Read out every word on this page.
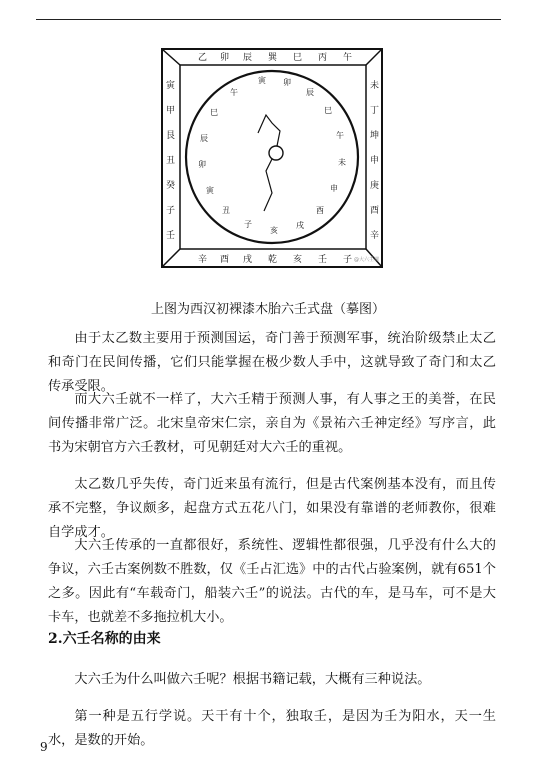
乙 卯 辰 巽 巳 丙 午
辛 酉 戌 乾 亥 壬 子
寅
甲
艮
丑
癸
子
壬
未
丁
坤
申
庚
酉
辛
寅 卯
辰
巳
午
未
申
酉
戌
亥
子
丑
寅
卯
辰
巳
午
@大六壬课
上图为西汉初裸漆木胎六壬式盘（摹图）

由于太乙数主要用于预测国运，奇门善于预测军事，统治阶级禁止太乙和奇门在民间传播，它们只能掌握在极少数人手中，这就导致了奇门和太乙传承受限。

而大六壬就不一样了，大六壬精于预测人事，有人事之王的美誉，在民间传播非常广泛。北宋皇帝宋仁宗，亲自为《景祐六壬神定经》写序言，此书为宋朝官方六壬教材，可见朝廷对大六壬的重视。

太乙数几乎失传，奇门近来虽有流行，但是古代案例基本没有，而且传承不完整，争议颇多，起盘方式五花八门，如果没有靠谱的老师教你，很难自学成才。

大六壬传承的一直都很好，系统性、逻辑性都很强，几乎没有什么大的争议，六壬古案例数不胜数，仅《壬占汇选》中的古代占验案例，就有651个之多。因此有“车载奇门，船装六壬”的说法。古代的车，是马车，可不是大卡车，也就差不多拖拉机大小。

2.六壬名称的由来

大六壬为什么叫做六壬呢？根据书籍记载，大概有三种说法。

第一种是五行学说。天干有十个，独取壬，是因为壬为阳水，天一生水，是数的开始。

9
